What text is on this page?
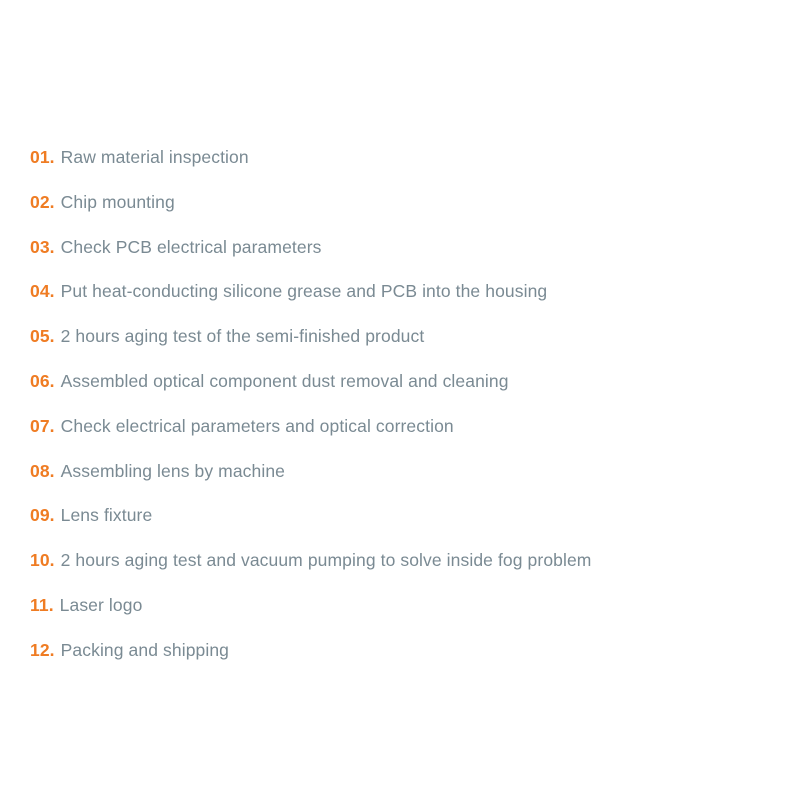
01. Raw material inspection
02. Chip mounting
03. Check PCB electrical parameters
04. Put heat-conducting silicone grease and PCB into the housing
05. 2 hours aging test of the semi-finished product
06. Assembled optical component dust removal and cleaning
07. Check electrical parameters and optical correction
08. Assembling lens by machine
09. Lens fixture
10. 2 hours aging test and vacuum pumping to solve inside fog problem
11. Laser logo
12. Packing and shipping
